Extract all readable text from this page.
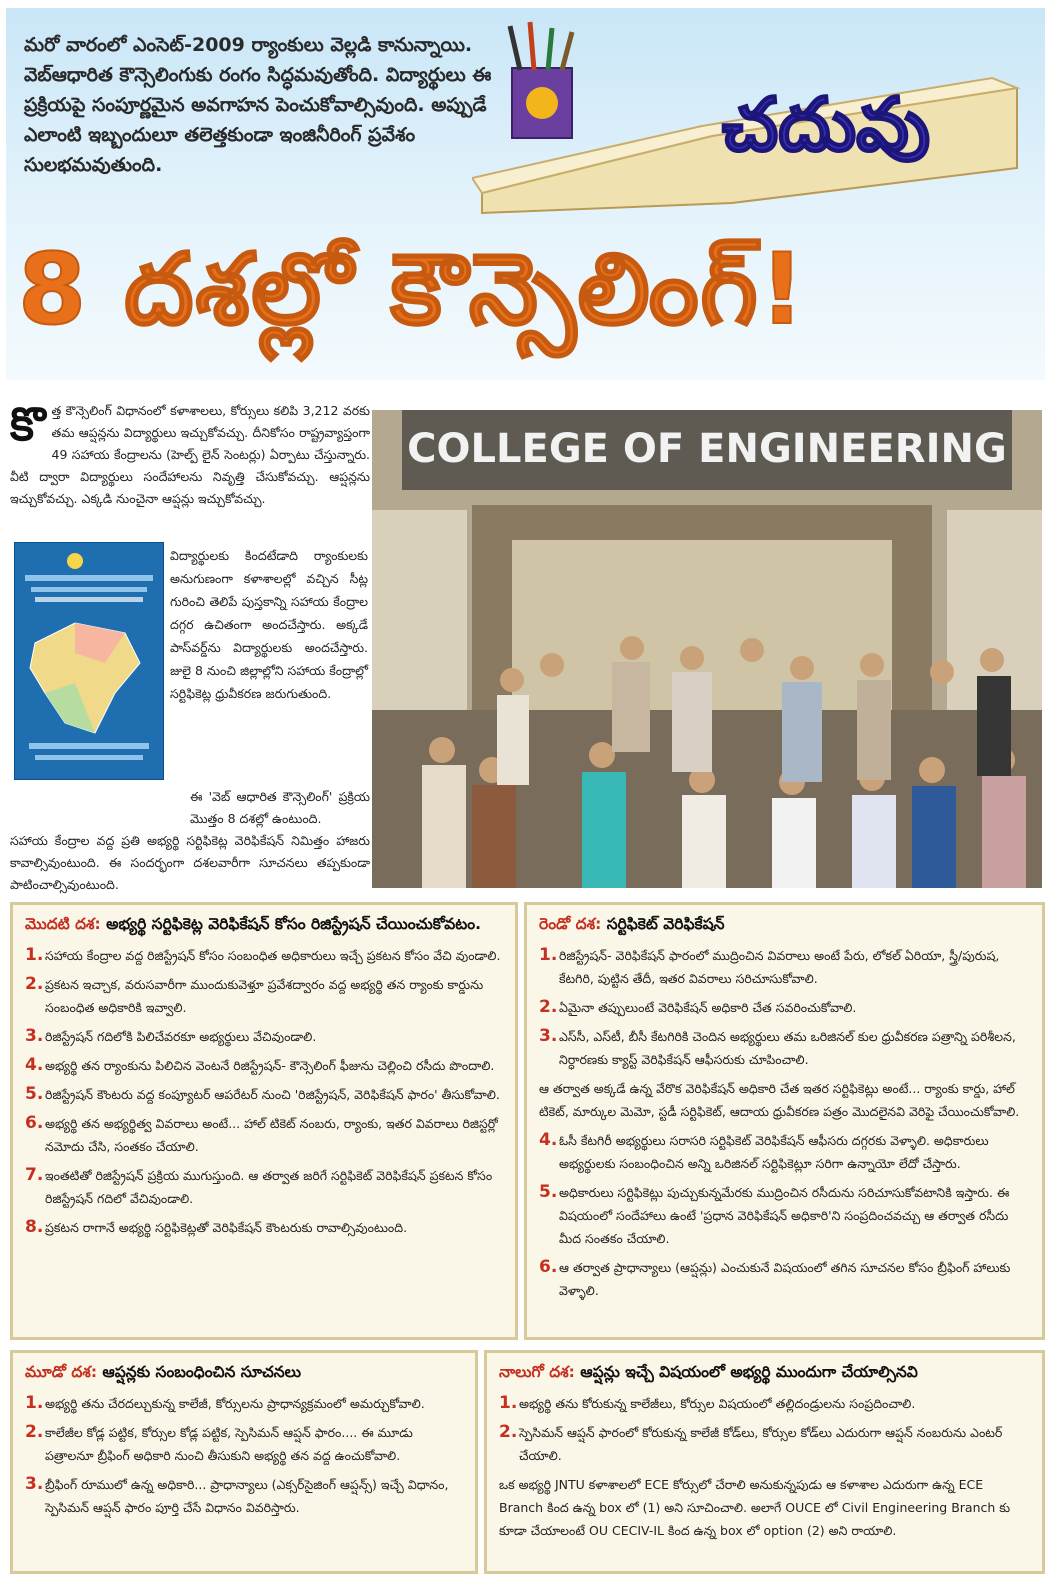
మరో వారంలో ఎంసెట్-2009 ర్యాంకులు వెల్లడి కానున్నాయి. వెబ్‌ఆధారిత కౌన్సెలింగుకు రంగం సిద్ధమవుతోంది. విద్యార్థులు ఈ ప్రక్రియపై సంపూర్ణమైన అవగాహన పెంచుకోవాల్సివుంది. అప్పుడే ఎలాంటి ఇబ్బందులూ తలెత్తకుండా ఇంజినీరింగ్ ప్రవేశం సులభమవుతుంది.	చదువు
8 దశల్లో కౌన్సెలింగ్!
కొ త్త కౌన్సెలింగ్ విధానంలో కళాశాలలు, కోర్సులు కలిపి 3,212 వరకు తమ ఆప్షన్లను విద్యార్థులు ఇచ్చుకోవచ్చు. దీనికోసం రాష్ట్రవ్యాప్తంగా 49 సహాయ కేంద్రాలను (హెల్ప్ లైన్ సెంటర్లు) ఏర్పాటు చేస్తున్నారు. వీటి ద్వారా విద్యార్థులు సందేహాలను నివృత్తి చేసుకోవచ్చు. ఆప్షన్లను ఇచ్చుకోవచ్చు. ఎక్కడి నుంచైనా ఆప్షన్లు ఇచ్చుకోవచ్చు.
విద్యార్థులకు కిందటేడాది ర్యాంకులకు అనుగుణంగా కళాశాలల్లో వచ్చిన సీట్ల గురించి తెలిపే పుస్తకాన్ని సహాయ కేంద్రాల దగ్గర ఉచితంగా అందచేస్తారు. అక్కడే పాస్‌వర్డ్‌ను విద్యార్థులకు అందచేస్తారు. జులై 8 నుంచి జిల్లాల్లోని సహాయ కేంద్రాల్లో సర్టిఫికెట్ల ధ్రువీకరణ జరుగుతుంది.
ఈ 'వెబ్ ఆధారిత కౌన్సెలింగ్' ప్రక్రియ మొత్తం 8 దశల్లో ఉంటుంది.
సహాయ కేంద్రాల వద్ద ప్రతి అభ్యర్థి సర్టిఫికెట్ల వెరిఫికేషన్ నిమిత్తం హాజరు కావాల్సివుంటుంది. ఈ సందర్భంగా దశలవారీగా సూచనలు తప్పకుండా పాటించాల్సివుంటుంది.
COLLEGE OF ENGINEERING
మొదటి దశ: అభ్యర్థి సర్టిఫికెట్ల వెరిఫికేషన్ కోసం రిజిస్ట్రేషన్ చేయించుకోవటం.
1. సహాయ కేంద్రాల వద్ద రిజిస్ట్రేషన్ కోసం సంబంధిత అధికారులు ఇచ్చే ప్రకటన కోసం వేచి వుండాలి.
2. ప్రకటన ఇచ్చాక, వరుసవారీగా ముందుకువెళ్తూ ప్రవేశద్వారం వద్ద అభ్యర్థి తన ర్యాంకు కార్డును సంబంధిత అధికారికి ఇవ్వాలి.
3. రిజిస్ట్రేషన్ గదిలోకి పిలిచేవరకూ అభ్యర్థులు వేచివుండాలి.
4. అభ్యర్థి తన ర్యాంకును పిలిచిన వెంటనే రిజిస్ట్రేషన్- కౌన్సెలింగ్ ఫీజును చెల్లించి రసీదు పొందాలి.
5. రిజిస్ట్రేషన్ కౌంటరు వద్ద కంప్యూటర్ ఆపరేటర్ నుంచి 'రిజిస్ట్రేషన్, వెరిఫికేషన్ ఫారం' తీసుకోవాలి.
6. అభ్యర్థి తన అభ్యర్థిత్వ వివరాలు అంటే... హాల్ టికెట్ నంబరు, ర్యాంకు, ఇతర వివరాలు రిజిస్టర్లో నమోదు చేసి, సంతకం చేయాలి.
7. ఇంతటితో రిజిస్ట్రేషన్ ప్రక్రియ ముగుస్తుంది. ఆ తర్వాత జరిగే సర్టిఫికెట్ వెరిఫికేషన్ ప్రకటన కోసం రిజిస్ట్రేషన్ గదిలో వేచివుండాలి.
8. ప్రకటన రాగానే అభ్యర్థి సర్టిఫికెట్లతో వెరిఫికేషన్ కౌంటరుకు రావాల్సివుంటుంది.
రెండో దశ: సర్టిఫికెట్ వెరిఫికేషన్
1. రిజిస్ట్రేషన్- వెరిఫికేషన్ ఫారంలో ముద్రించిన వివరాలు అంటే పేరు, లోకల్ ఏరియా, స్త్రీ/పురుష, కేటగిరి, పుట్టిన తేదీ, ఇతర వివరాలు సరిచూసుకోవాలి.
2. ఏమైనా తప్పులుంటే వెరిఫికేషన్ అధికారి చేత సవరించుకోవాలి.
3. ఎస్‌సీ, ఎస్‌టీ, బీసీ కేటగిరికి చెందిన అభ్యర్థులు తమ ఒరిజినల్ కుల ధ్రువీకరణ పత్రాన్ని పరిశీలన, నిర్ధారణకు క్యాస్ట్ వెరిఫికేషన్ ఆఫీసరుకు చూపించాలి.

ఆ తర్వాత అక్కడే ఉన్న వేరొక వెరిఫికేషన్ అధికారి చేత ఇతర సర్టిఫికెట్లు అంటే... ర్యాంకు కార్డు, హాల్ టికెట్, మార్కుల మెమో, స్టడీ సర్టిఫికెట్, ఆదాయ ధ్రువీకరణ పత్రం మొదలైనవి వెరిఫై చేయించుకోవాలి.

4. ఓసీ కేటగిరీ అభ్యర్థులు సరాసరి సర్టిఫికెట్ వెరిఫికేషన్ ఆఫీసరు దగ్గరకు వెళ్ళాలి. అధికారులు అభ్యర్థులకు సంబంధించిన అన్ని ఒరిజినల్ సర్టిఫికెట్లూ సరిగా ఉన్నాయో లేదో చేస్తారు.
5. అధికారులు సర్టిఫికెట్లు పుచ్చుకున్నమేరకు ముద్రించిన రసీదును సరిచూసుకోవటానికి ఇస్తారు. ఈ విషయంలో సందేహాలు ఉంటే 'ప్రధాన వెరిఫికేషన్ అధికారి'ని సంప్రదించవచ్చు ఆ తర్వాత రసీదు మీద సంతకం చేయాలి.
6. ఆ తర్వాత ప్రాధాన్యాలు (ఆప్షన్లు) ఎంచుకునే విషయంలో తగిన సూచనల కోసం బ్రీఫింగ్ హాలుకు వెళ్ళాలి.
మూడో దశ: ఆప్షన్లకు సంబంధించిన సూచనలు
1. అభ్యర్థి తను చేరదల్చుకున్న కాలేజీ, కోర్సులను ప్రాధాన్యక్రమంలో అమర్చుకోవాలి.
2. కాలేజీల కోడ్ల పట్టిక, కోర్సుల కోడ్ల పట్టిక, స్పెసిమన్ ఆప్షన్ ఫారం.... ఈ మూడు పత్రాలనూ బ్రీఫింగ్ అధికారి నుంచి తీసుకుని అభ్యర్థి తన వద్ద ఉంచుకోవాలి.
3. బ్రీఫింగ్ రూములో ఉన్న అధికారి... ప్రాధాన్యాలు (ఎక్సర్‌సైజింగ్ ఆప్షన్స్) ఇచ్చే విధానం, స్పెసిమన్ ఆప్షన్ ఫారం పూర్తి చేసే విధానం వివరిస్తారు.
నాలుగో దశ: ఆప్షన్లు ఇచ్చే విషయంలో అభ్యర్థి ముందుగా చేయాల్సినవి
1. అభ్యర్థి తను కోరుకున్న కాలేజీలు, కోర్సుల విషయంలో తల్లిదండ్రులను సంప్రదించాలి.
2. స్పెసిమన్ ఆప్షన్ ఫారంలో కోరుకున్న కాలేజీ కోడ్‌లు, కోర్సుల కోడ్‌లు ఎదురుగా ఆప్షన్ నంబరును ఎంటర్ చేయాలి.

ఒక అభ్యర్థి JNTU కళాశాలలో ECE కోర్సులో చేరాలి అనుకున్నపుడు ఆ కళాశాల ఎదురుగా ఉన్న ECE Branch కింద ఉన్న box లో (1) అని సూచించాలి. అలాగే OUCE లో Civil Engineering Branch కు కూడా చేయాలంటే OU CECIV-IL కింద ఉన్న box లో option (2) అని రాయాలి.
